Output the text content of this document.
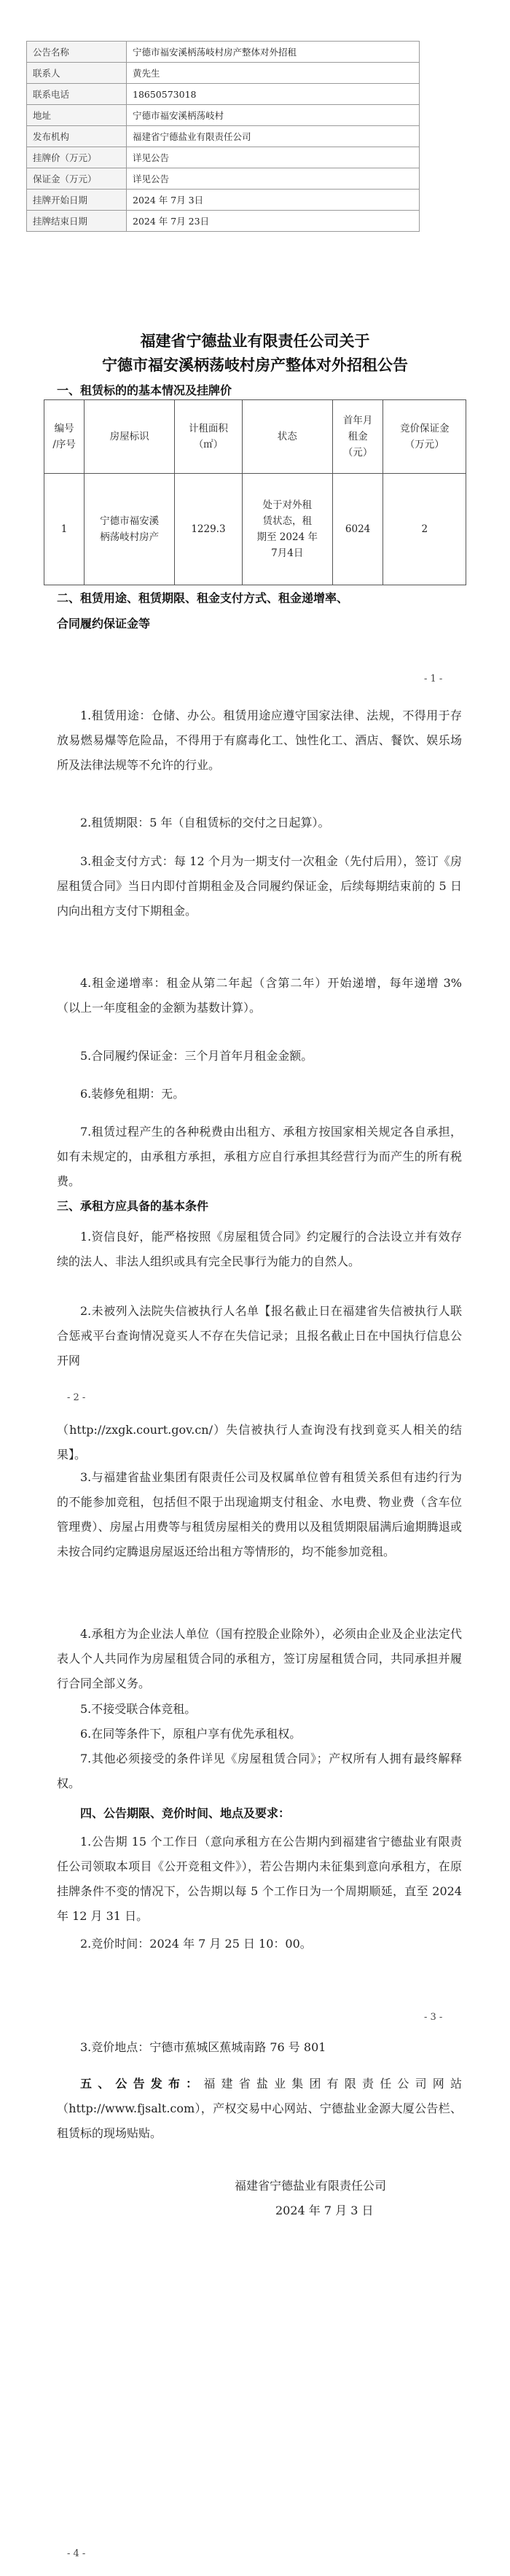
公告名称	宁德市福安溪柄荡岐村房产整体对外招租
联系人	黄先生
联系电话	18650573018
地址	宁德市福安溪柄荡岐村
发布机构	福建省宁德盐业有限责任公司
挂牌价（万元）	详见公告
保证金（万元）	详见公告
挂牌开始日期	2024 年 7月 3日
挂牌结束日期	2024 年 7月 23日
福建省宁德盐业有限责任公司关于
宁德市福安溪柄荡岐村房产整体对外招租公告
一、租赁标的的基本情况及挂牌价
编号
/序号	房屋标识	计租面积
（㎡）	状态	首年月
租金
（元）	竞价保证金
（万元）
1	宁德市福安溪
柄荡岐村房产	1229.3	处于对外租
赁状态，租
期至 2024 年
7月4日	6024	2
二、租赁用途、租赁期限、租金支付方式、租金递增率、
合同履约保证金等
- 1 -
1.租赁用途：仓储、办公。租赁用途应遵守国家法律、法规，不得用于存放易燃易爆等危险品，不得用于有腐毒化工、蚀性化工、酒店、餐饮、娱乐场所及法律法规等不允许的行业。
2.租赁期限：5 年（自租赁标的交付之日起算）。
3.租金支付方式：每 12 个月为一期支付一次租金（先付后用），签订《房屋租赁合同》当日内即付首期租金及合同履约保证金，后续每期结束前的 5 日内向出租方支付下期租金。
4.租金递增率：租金从第二年起（含第二年）开始递增，每年递增 3%（以上一年度租金的金额为基数计算）。
5.合同履约保证金：三个月首年月租金金额。
6.装修免租期：无。
7.租赁过程产生的各种税费由出租方、承租方按国家相关规定各自承担，如有未规定的，由承租方承担，承租方应自行承担其经营行为而产生的所有税费。
三、承租方应具备的基本条件
1.资信良好，能严格按照《房屋租赁合同》约定履行的合法设立并有效存续的法人、非法人组织或具有完全民事行为能力的自然人。
2.未被列入法院失信被执行人名单【报名截止日在福建省失信被执行人联合惩戒平台查询情况竟买人不存在失信记录；且报名截止日在中国执行信息公开网
- 2 -
（http://zxgk.court.gov.cn/）失信被执行人查询没有找到竟买人相关的结果】。
3.与福建省盐业集团有限责任公司及权属单位曾有租赁关系但有违约行为的不能参加竞租，包括但不限于出现逾期支付租金、水电费、物业费（含车位管理费）、房屋占用费等与租赁房屋相关的费用以及租赁期限届满后逾期腾退或未按合同约定腾退房屋返还给出租方等情形的，均不能参加竞租。
4.承租方为企业法人单位（国有控股企业除外），必须由企业及企业法定代表人个人共同作为房屋租赁合同的承租方，签订房屋租赁合同，共同承担并履行合同全部义务。
5.不接受联合体竞租。
6.在同等条件下，原租户享有优先承租权。
7.其他必须接受的条件详见《房屋租赁合同》；产权所有人拥有最终解释权。
四、公告期限、竞价时间、地点及要求：
1.公告期 15 个工作日（意向承租方在公告期内到福建省宁德盐业有限责任公司领取本项目《公开竞租文件》），若公告期内未征集到意向承租方，在原挂牌条件不变的情况下，公告期以每 5 个工作日为一个周期顺延，直至 2024 年 12 月 31 日。
2.竞价时间：2024 年 7 月 25 日 10：00。
- 3 -
3.竞价地点：宁德市蕉城区蕉城南路 76 号 801
五、公告发布：福建省盐业集团有限责任公司网站（http://www.fjsalt.com），产权交易中心网站、宁德盐业金源大厦公告栏、租赁标的现场贴贴。
福建省宁德盐业有限责任公司
2024 年 7 月 3 日
- 4 -
